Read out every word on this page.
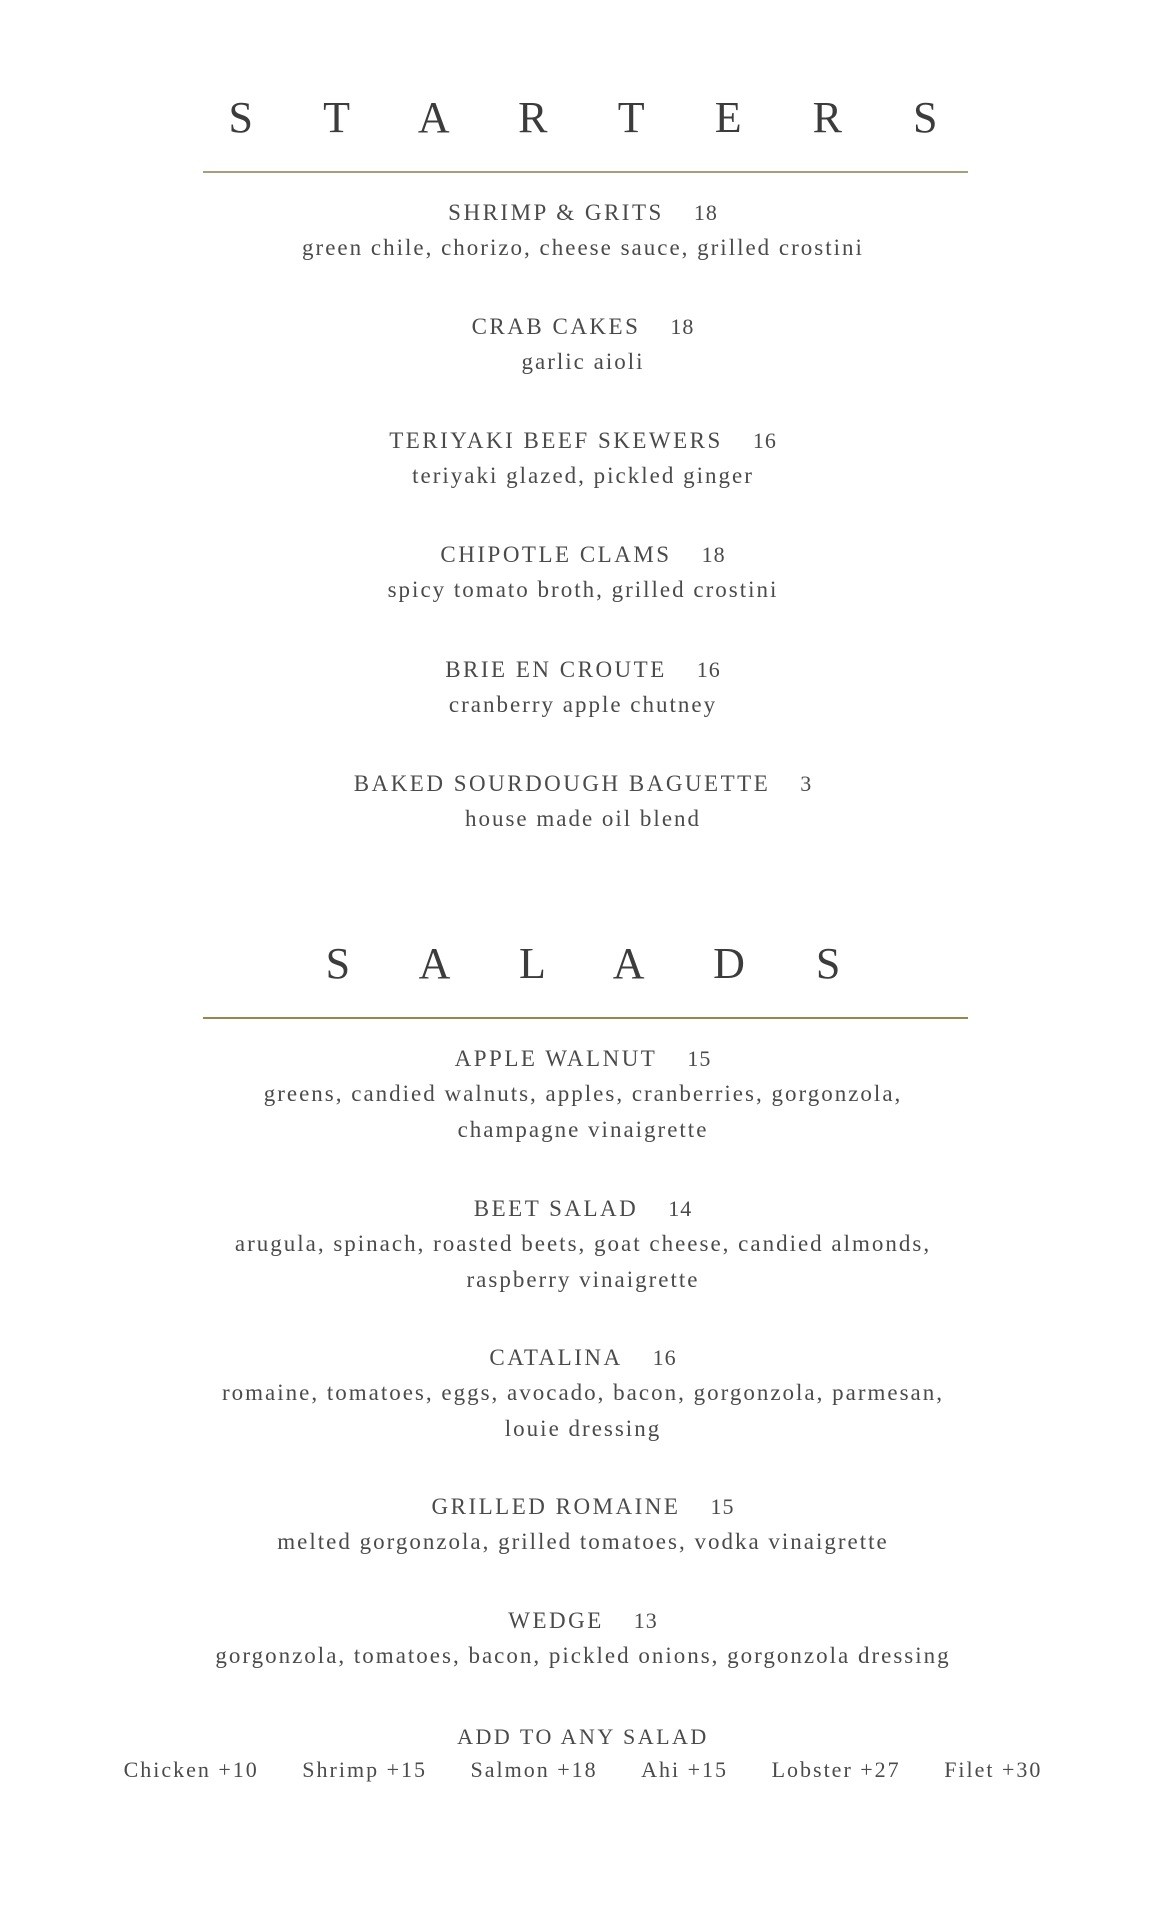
S T A R T E R S
SHRIMP & GRITS 18
green chile, chorizo, cheese sauce, grilled crostini
CRAB CAKES 18
garlic aioli
TERIYAKI BEEF SKEWERS 16
teriyaki glazed, pickled ginger
CHIPOTLE CLAMS 18
spicy tomato broth, grilled crostini
BRIE EN CROUTE 16
cranberry apple chutney
BAKED SOURDOUGH BAGUETTE 3
house made oil blend
S A L A D S
APPLE WALNUT 15
greens, candied walnuts, apples, cranberries, gorgonzola,
champagne vinaigrette
BEET SALAD 14
arugula, spinach, roasted beets, goat cheese, candied almonds,
raspberry vinaigrette
CATALINA 16
romaine, tomatoes, eggs, avocado, bacon, gorgonzola, parmesan,
louie dressing
GRILLED ROMAINE 15
melted gorgonzola, grilled tomatoes, vodka vinaigrette
WEDGE 13
gorgonzola, tomatoes, bacon, pickled onions, gorgonzola dressing
ADD TO ANY SALAD
Chicken +10 Shrimp +15 Salmon +18 Ahi +15 Lobster +27 Filet +30
